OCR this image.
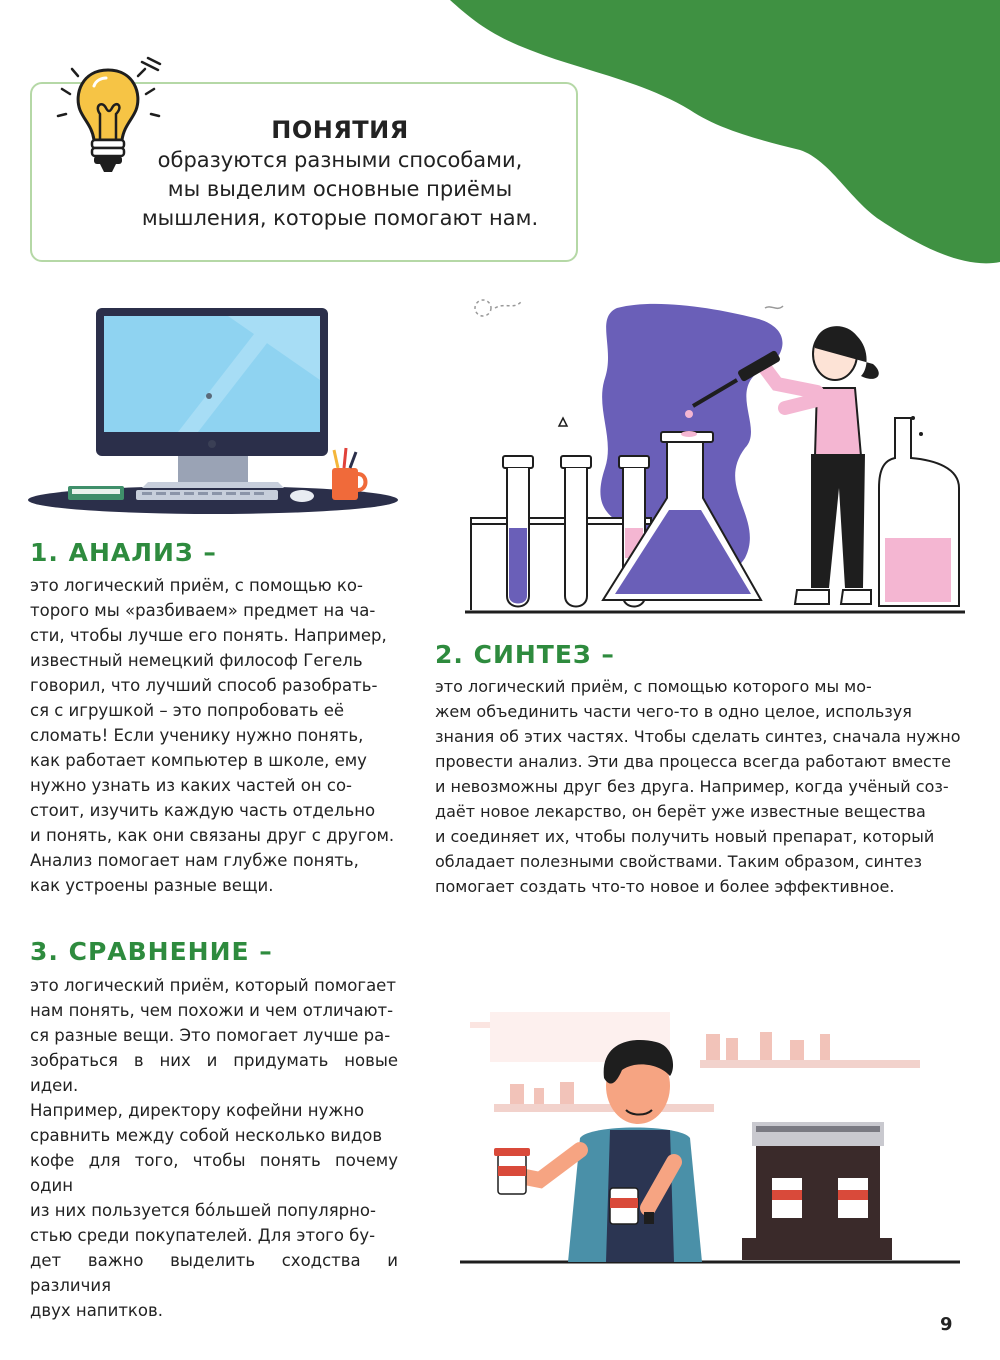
ПОНЯТИЯ
образуются разными способами,
мы выделим основные приёмы
мышления, которые помогают нам.
1. АНАЛИЗ –
это логический приём, с помощью ко-
торого мы «разбиваем» предмет на ча-
сти, чтобы лучше его понять. Например,
известный немецкий философ Гегель
говорил, что лучший способ разобрать-
ся с игрушкой – это попробовать её
сломать! Если ученику нужно понять,
как работает компьютер в школе, ему
нужно узнать из каких частей он со-
стоит, изучить каждую часть отдельно
и понять, как они связаны друг с другом.
Анализ помогает нам глубже понять,
как устроены разные вещи.
2. СИНТЕЗ –
это логический приём, с помощью которого мы мо-
жем объединить части чего-то в одно целое, используя
знания об этих частях. Чтобы сделать синтез, сначала нужно
провести анализ. Эти два процесса всегда работают вместе
и невозможны друг без друга. Например, когда учёный соз-
даёт новое лекарство, он берёт уже известные вещества
и соединяет их, чтобы получить новый препарат, который
обладает полезными свойствами. Таким образом, синтез
помогает создать что-то новое и более эффективное.
3. СРАВНЕНИЕ –
это логический приём, который помогает
нам понять, чем похожи и чем отличают-
ся разные вещи. Это помогает лучше ра-
зобраться в них и придумать новые идеи.
Например, директору кофейни нужно
сравнить между собой несколько видов
кофе для того, чтобы понять почему один
из них пользуется бóльшей популярно-
стью среди покупателей. Для этого бу-
дет важно выделить сходства и различия
двух напитков.
9
